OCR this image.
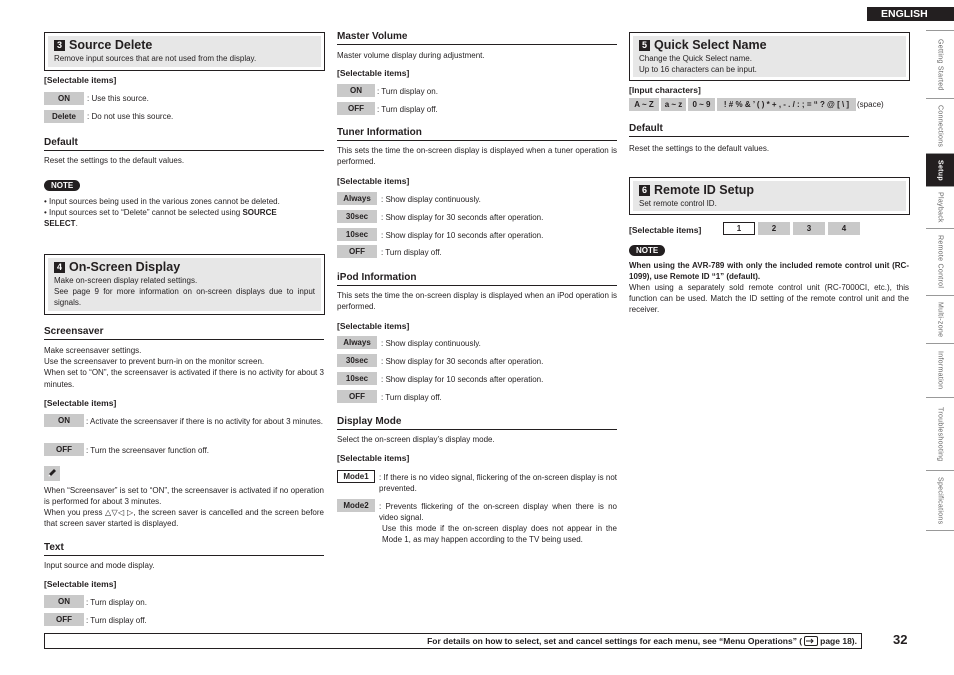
ENGLISH
Getting Started
Connections
Setup
Playback
Remote Control
Multi-zone
Information
Troubleshooting
Specifications
3 Source Delete
Remove input sources that are not used from the display.
[Selectable items]
ON	: Use this source.
Delete	: Do not use this source.
Default
Reset the settings to the default values.
NOTE
• Input sources being used in the various zones cannot be deleted.
• Input sources set to “Delete” cannot be selected using SOURCE
SELECT.
4 On-Screen Display
Make on-screen display related settings.
See page 9 for more information on on-screen displays due to input signals.
Screensaver
Make screensaver settings.
Use the screensaver to prevent burn-in on the monitor screen.
When set to “ON”, the screensaver is activated if there is no activity for about 3 minutes.
[Selectable items]
ON	: Activate the screensaver if there is no activity for about 3 minutes.
OFF	: Turn the screensaver function off.
When “Screensaver” is set to “ON”, the screensaver is activated if no operation is performed for about 3 minutes.
When you press △▽◁ ▷, the screen saver is cancelled and the screen before that screen saver started is displayed.
Text
Input source and mode display.
[Selectable items]
ON	: Turn display on.
OFF	: Turn display off.
Master Volume
Master volume display during adjustment.
[Selectable items]
ON	: Turn display on.
OFF	: Turn display off.
Tuner Information
This sets the time the on-screen display is displayed when a tuner operation is performed.
[Selectable items]
Always	: Show display continuously.
30sec	: Show display for 30 seconds after operation.
10sec	: Show display for 10 seconds after operation.
OFF	: Turn display off.
iPod Information
This sets the time the on-screen display is displayed when an iPod operation is performed.
[Selectable items]
Always	: Show display continuously.
30sec	: Show display for 30 seconds after operation.
10sec	: Show display for 10 seconds after operation.
OFF	: Turn display off.
Display Mode
Select the on-screen display’s display mode.
[Selectable items]
Mode1	: If there is no video signal, flickering of the on-screen display is not prevented.
Mode2	: Prevents flickering of the on-screen display when there is no video signal.
Use this mode if the on-screen display does not appear in the Mode 1, as may happen according to the TV being used.
5 Quick Select Name
Change the Quick Select name.
Up to 16 characters can be input.
[Input characters]
A ~ Z	a ~ z	0 ~ 9	! # % & ’ ( ) * + , - . / : ; = “ ? @ [ \ ] (space)
Default
Reset the settings to the default values.
6 Remote ID Setup
Set remote control ID.
[Selectable items]	1	2	3	4
NOTE
When using the AVR-789 with only the included remote control unit (RC-1099), use Remote ID “1” (default).
When using a separately sold remote control unit (RC-7000CI, etc.), this function can be used. Match the ID setting of the remote control unit and the receiver.
For details on how to select, set and cancel settings for each menu, see “Menu Operations” ( page 18).	32
